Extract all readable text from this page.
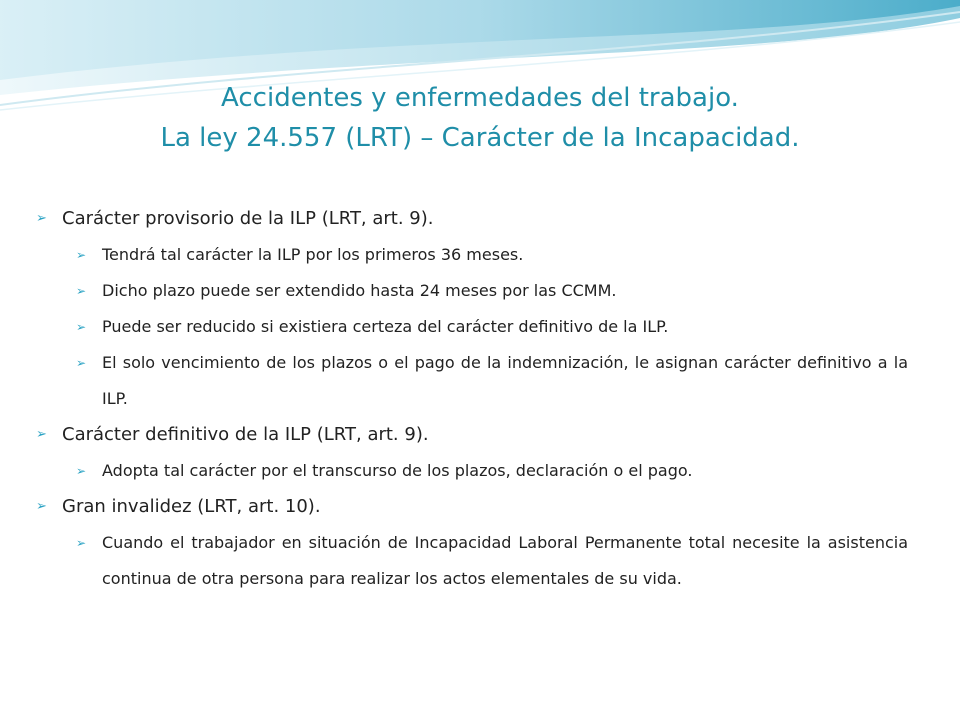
Accidentes y enfermedades del trabajo.
La ley 24.557 (LRT) – Carácter de la Incapacidad.
➢ Carácter provisorio de la ILP (LRT, art. 9).
➢ Tendrá tal carácter la ILP por los primeros 36 meses.
➢ Dicho plazo puede ser extendido hasta 24 meses por las CCMM.
➢ Puede ser reducido si existiera certeza del carácter definitivo de la ILP.
➢ El solo vencimiento de los plazos o el pago de la indemnización, le asignan carácter definitivo a la ILP.
➢ Carácter definitivo de la ILP (LRT, art. 9).
➢ Adopta tal carácter por el transcurso de los plazos, declaración o el pago.
➢ Gran invalidez (LRT, art. 10).
➢ Cuando el trabajador en situación de Incapacidad Laboral Permanente total necesite la asistencia continua de otra persona para realizar los actos elementales de su vida.
